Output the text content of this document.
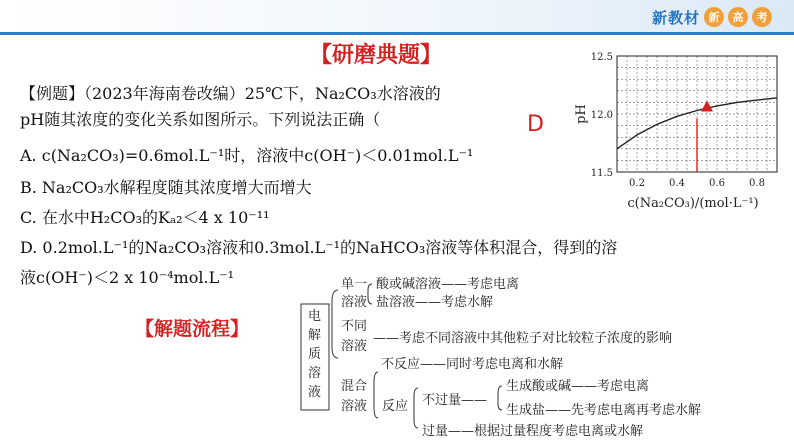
新教材 新	高	考
【研磨典题】
【例题】（2023年海南卷改编）25℃下，Na₂CO₃水溶液的
pH随其浓度的变化关系如图所示。下列说法正确（	D
A. c(Na₂CO₃)=0.6mol.L⁻¹时，溶液中c(OH⁻)＜0.01mol.L⁻¹
B. Na₂CO₃水解程度随其浓度增大而增大
C. 在水中H₂CO₃的Kₐ₂＜4 x 10⁻¹¹
D. 0.2mol.L⁻¹的Na₂CO₃溶液和0.3mol.L⁻¹的NaHCO₃溶液等体积混合，得到的溶
液c(OH⁻)＜2 x 10⁻⁴mol.L⁻¹
【解题流程】
0.2 0.4 0.6 0.8
11.5
12.0
12.5
pH
c(Na₂CO₃)/(mol·L⁻¹)
电
解
质
溶
液
单一
溶液
酸或碱溶液——考虑电离
盐溶液——考虑水解
不同
溶液
——考虑不同溶液中其他粒子对比较粒子浓度的影响
混合
溶液
不反应——同时考虑电离和水解
反应 不过量——
生成酸或碱——考虑电离
生成盐——先考虑电离再考虑水解
过量——根据过量程度考虑电离或水解
